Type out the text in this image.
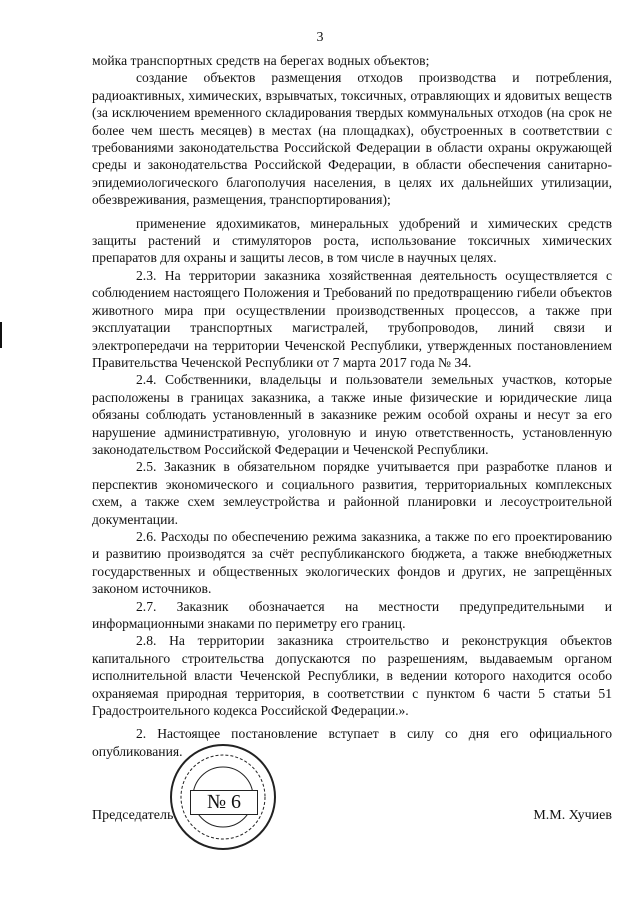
3

мойка транспортных средств на берегах водных объектов;

создание объектов размещения отходов производства и потребления, радиоактивных, химических, взрывчатых, токсичных, отравляющих и ядовитых веществ (за исключением временного складирования твердых коммунальных отходов (на срок не более чем шесть месяцев) в местах (на площадках), обустроенных в соответствии с требованиями законодательства Российской Федерации в области охраны окружающей среды и законодательства Российской Федерации, в области обеспечения санитарно-эпидемиологического благополучия населения, в целях их дальнейших утилизации, обезвреживания, размещения, транспортирования);

применение ядохимикатов, минеральных удобрений и химических средств защиты растений и стимуляторов роста, использование токсичных химических препаратов для охраны и защиты лесов, в том числе в научных целях.

2.3. На территории заказника хозяйственная деятельность осуществляется с соблюдением настоящего Положения и Требований по предотвращению гибели объектов животного мира при осуществлении производственных процессов, а также при эксплуатации транспортных магистралей, трубопроводов, линий связи и электропередачи на территории Чеченской Республики, утвержденных постановлением Правительства Чеченской Республики от 7 марта 2017 года № 34.

2.4. Собственники, владельцы и пользователи земельных участков, которые расположены в границах заказника, а также иные физические и юридические лица обязаны соблюдать установленный в заказнике режим особой охраны и несут за его нарушение административную, уголовную и иную ответственность, установленную законодательством Российской Федерации и Чеченской Республики.

2.5. Заказник в обязательном порядке учитывается при разработке планов и перспектив экономического и социального развития, территориальных комплексных схем, а также схем землеустройства и районной планировки и лесоустроительной документации.

2.6. Расходы по обеспечению режима заказника, а также по его проектированию и развитию производятся за счёт республиканского бюджета, а также внебюджетных государственных и общественных экологических фондов и других, не запрещённых законом источников.

2.7. Заказник обозначается на местности предупредительными и информационными знаками по периметру его границ.

2.8. На территории заказника строительство и реконструкция объектов капитального строительства допускаются по разрешениям, выдаваемым органом исполнительной власти Чеченской Республики, в ведении которого находится особо охраняемая природная территория, в соответствии с пунктом 6 части 5 статьи 51 Градостроительного кодекса Российской Федерации.».

2. Настоящее постановление вступает в силу со дня его официального опубликования.

№ 6
Председатель	М.М. Хучиев
